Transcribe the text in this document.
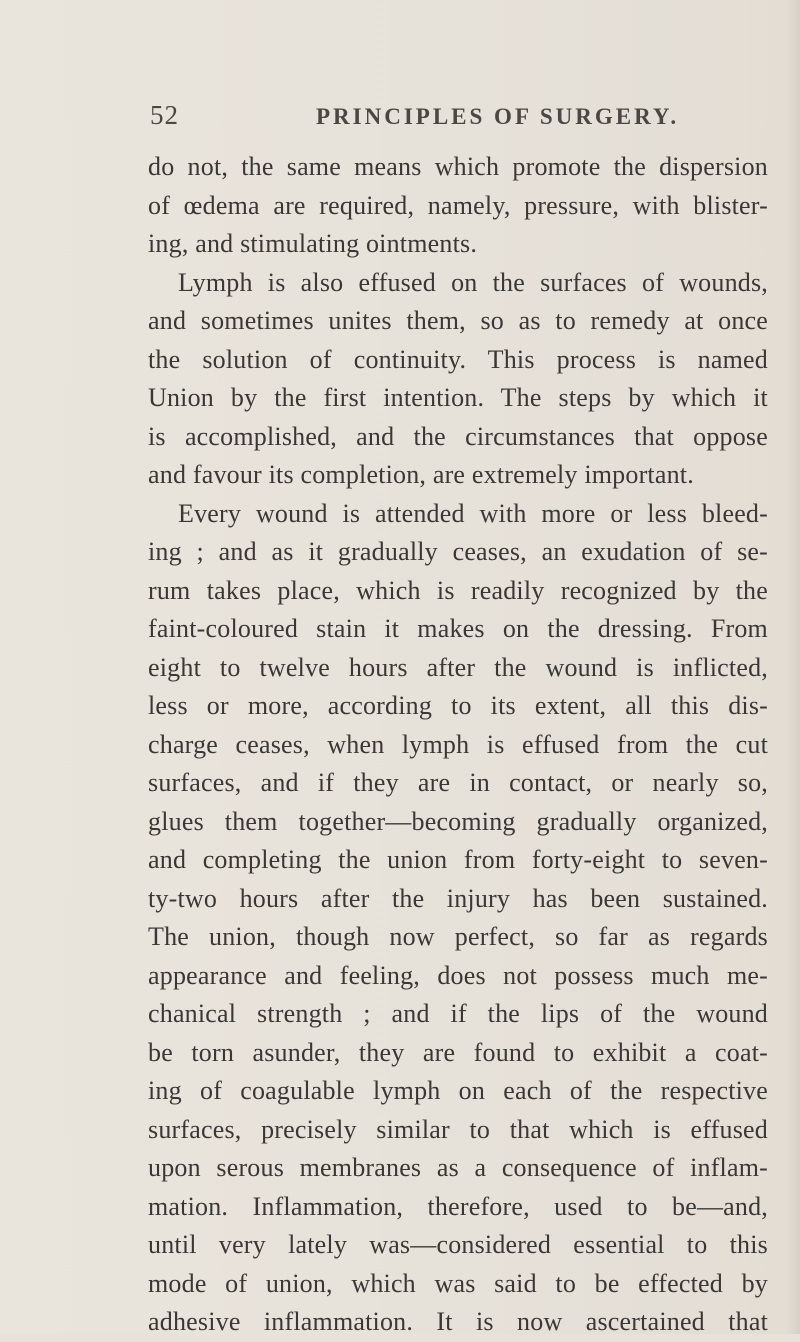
52	PRINCIPLES OF SURGERY.
do not, the same means which promote the dispersion
of œdema are required, namely, pressure, with blister-
ing, and stimulating ointments.
Lymph is also effused on the surfaces of wounds,
and sometimes unites them, so as to remedy at once
the solution of continuity. This process is named
Union by the first intention. The steps by which it
is accomplished, and the circumstances that oppose
and favour its completion, are extremely important.
Every wound is attended with more or less bleed-
ing ; and as it gradually ceases, an exudation of se-
rum takes place, which is readily recognized by the
faint-coloured stain it makes on the dressing. From
eight to twelve hours after the wound is inflicted,
less or more, according to its extent, all this dis-
charge ceases, when lymph is effused from the cut
surfaces, and if they are in contact, or nearly so,
glues them together—becoming gradually organized,
and completing the union from forty-eight to seven-
ty-two hours after the injury has been sustained.
The union, though now perfect, so far as regards
appearance and feeling, does not possess much me-
chanical strength ; and if the lips of the wound
be torn asunder, they are found to exhibit a coat-
ing of coagulable lymph on each of the respective
surfaces, precisely similar to that which is effused
upon serous membranes as a consequence of inflam-
mation. Inflammation, therefore, used to be—and,
until very lately was—considered essential to this
mode of union, which was said to be effected by
adhesive inflammation. It is now ascertained that
